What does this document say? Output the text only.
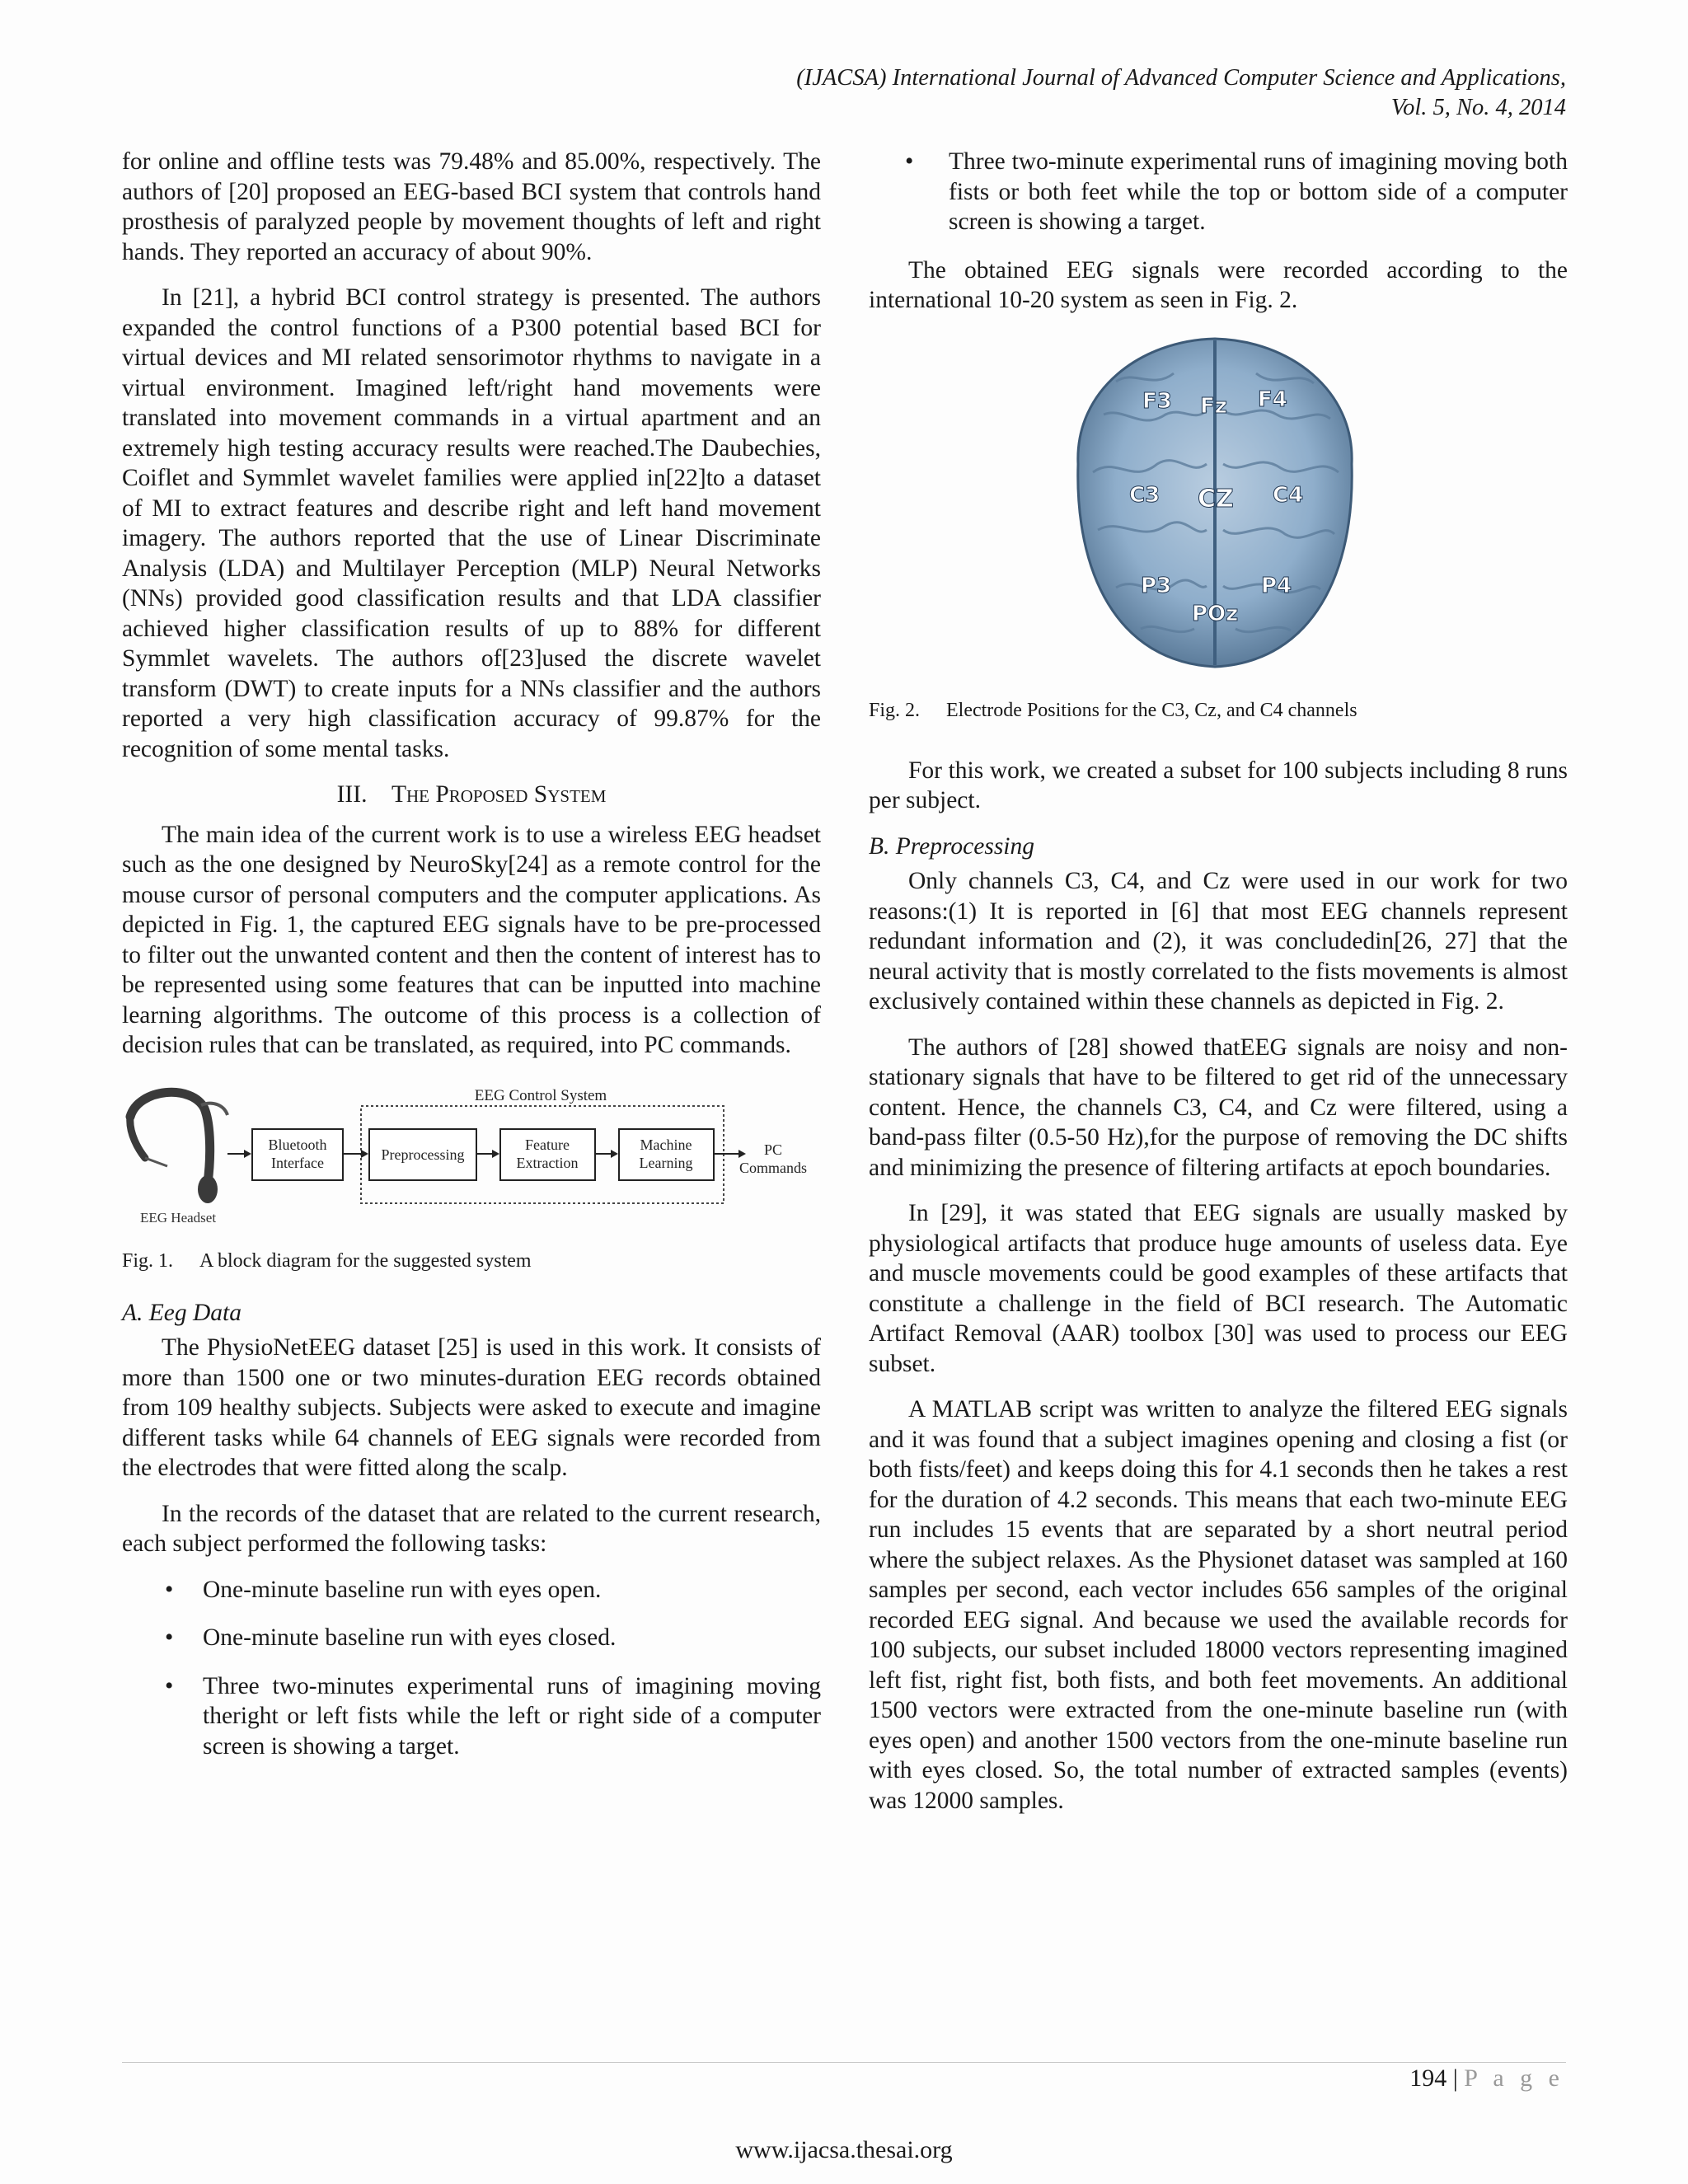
(IJACSA) International Journal of Advanced Computer Science and Applications,
Vol. 5, No. 4, 2014

for online and offline tests was 79.48% and 85.00%, respectively. The authors of [20] proposed an EEG-based BCI system that controls hand prosthesis of paralyzed people by movement thoughts of left and right hands. They reported an accuracy of about 90%.

In [21], a hybrid BCI control strategy is presented. The authors expanded the control functions of a P300 potential based BCI for virtual devices and MI related sensorimotor rhythms to navigate in a virtual environment. Imagined left/right hand movements were translated into movement commands in a virtual apartment and an extremely high testing accuracy results were reached.The Daubechies, Coiflet and Symmlet wavelet families were applied in[22]to a dataset of MI to extract features and describe right and left hand movement imagery. The authors reported that the use of Linear Discriminate Analysis (LDA) and Multilayer Perception (MLP) Neural Networks (NNs) provided good classification results and that LDA classifier achieved higher classification results of up to 88% for different Symmlet wavelets. The authors of[23]used the discrete wavelet transform (DWT) to create inputs for a NNs classifier and the authors reported a very high classification accuracy of 99.87% for the recognition of some mental tasks.

III. The Proposed System

The main idea of the current work is to use a wireless EEG headset such as the one designed by NeuroSky[24] as a remote control for the mouse cursor of personal computers and the computer applications. As depicted in Fig. 1, the captured EEG signals have to be pre-processed to filter out the unwanted content and then the content of interest has to be represented using some features that can be inputted into machine learning algorithms. The outcome of this process is a collection of decision rules that can be translated, as required, into PC commands.

EEG Headset
Bluetooth
Interface
EEG Control System
Preprocessing
Feature
Extraction
Machine
Learning
PC
Commands
Fig. 1. A block diagram for the suggested system
A. Eeg Data

The PhysioNetEEG dataset [25] is used in this work. It consists of more than 1500 one or two minutes-duration EEG records obtained from 109 healthy subjects. Subjects were asked to execute and imagine different tasks while 64 channels of EEG signals were recorded from the electrodes that were fitted along the scalp.

In the records of the dataset that are related to the current research, each subject performed the following tasks:

• One-minute baseline run with eyes open.
• One-minute baseline run with eyes closed.
• Three two-minutes experimental runs of imagining moving theright or left fists while the left or right side of a computer screen is showing a target.
• Three two-minute experimental runs of imagining moving both fists or both feet while the top or bottom side of a computer screen is showing a target.

The obtained EEG signals were recorded according to the international 10-20 system as seen in Fig. 2.

F3 Fz F4
C3 CZ C4
P3	P4
POz
Fig. 2. Electrode Positions for the C3, Cz, and C4 channels

For this work, we created a subset for 100 subjects including 8 runs per subject.

B. Preprocessing

Only channels C3, C4, and Cz were used in our work for two reasons:(1) It is reported in [6] that most EEG channels represent redundant information and (2), it was concludedin[26, 27] that the neural activity that is mostly correlated to the fists movements is almost exclusively contained within these channels as depicted in Fig. 2.

The authors of [28] showed thatEEG signals are noisy and non-stationary signals that have to be filtered to get rid of the unnecessary content. Hence, the channels C3, C4, and Cz were filtered, using a band-pass filter (0.5-50 Hz),for the purpose of removing the DC shifts and minimizing the presence of filtering artifacts at epoch boundaries.

In [29], it was stated that EEG signals are usually masked by physiological artifacts that produce huge amounts of useless data. Eye and muscle movements could be good examples of these artifacts that constitute a challenge in the field of BCI research. The Automatic Artifact Removal (AAR) toolbox [30] was used to process our EEG subset.

A MATLAB script was written to analyze the filtered EEG signals and it was found that a subject imagines opening and closing a fist (or both fists/feet) and keeps doing this for 4.1 seconds then he takes a rest for the duration of 4.2 seconds. This means that each two-minute EEG run includes 15 events that are separated by a short neutral period where the subject relaxes. As the Physionet dataset was sampled at 160 samples per second, each vector includes 656 samples of the original recorded EEG signal. And because we used the available records for 100 subjects, our subset included 18000 vectors representing imagined left fist, right fist, both fists, and both feet movements. An additional 1500 vectors were extracted from the one-minute baseline run (with eyes open) and another 1500 vectors from the one-minute baseline run with eyes closed. So, the total number of extracted samples (events) was 12000 samples.

194 | P a g e
www.ijacsa.thesai.org
